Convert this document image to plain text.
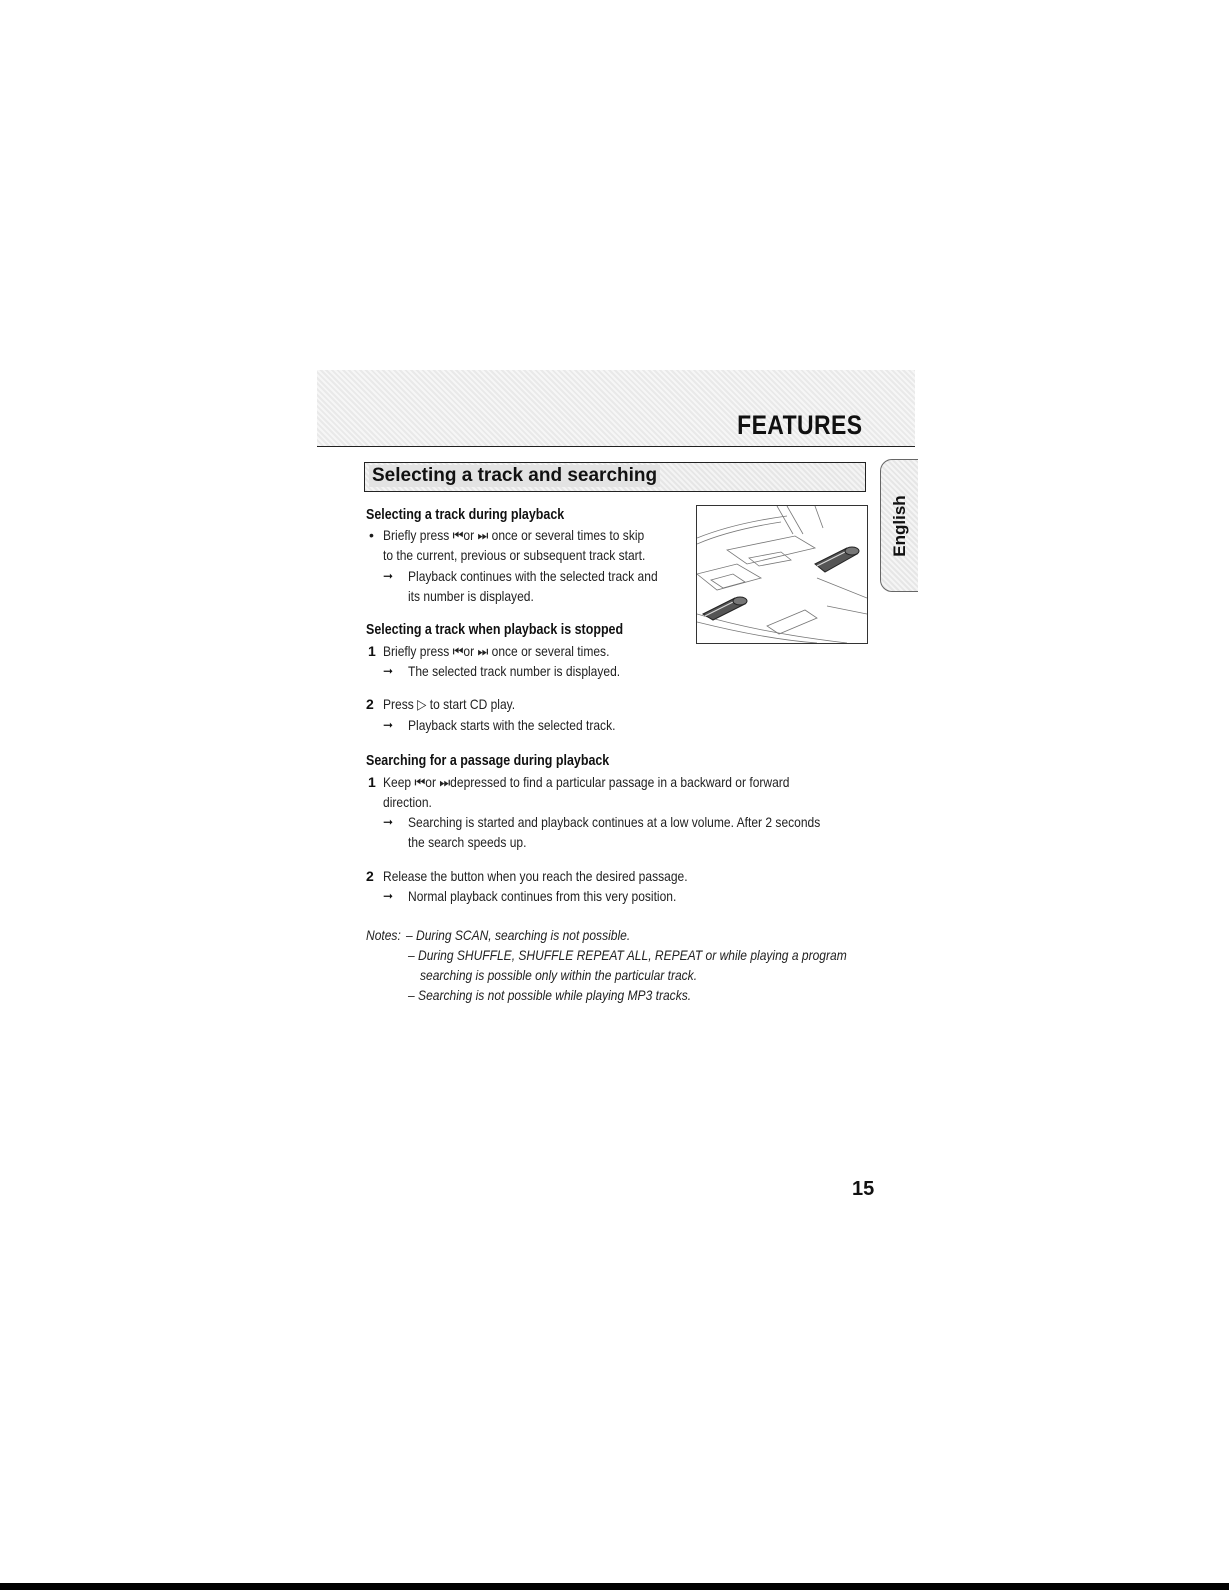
FEATURES
Selecting a track and searching
English
Selecting a track during playback
• Briefly press ⏮or ⏭ once or several times to skip
to the current, previous or subsequent track start.
➞ Playback continues with the selected track and
its number is displayed.
Selecting a track when playback is stopped
1 Briefly press ⏮or ⏭ once or several times.
➞ The selected track number is displayed.
2 Press ▷ to start CD play.
➞ Playback starts with the selected track.
Searching for a passage during playback
1 Keep ⏮or ⏭depressed to find a particular passage in a backward or forward
direction.
➞ Searching is started and playback continues at a low volume. After 2 seconds
the search speeds up.
2 Release the button when you reach the desired passage.
➞ Normal playback continues from this very position.
Notes: – During SCAN, searching is not possible.
– During SHUFFLE, SHUFFLE REPEAT ALL, REPEAT or while playing a program
searching is possible only within the particular track.
– Searching is not possible while playing MP3 tracks.
15
